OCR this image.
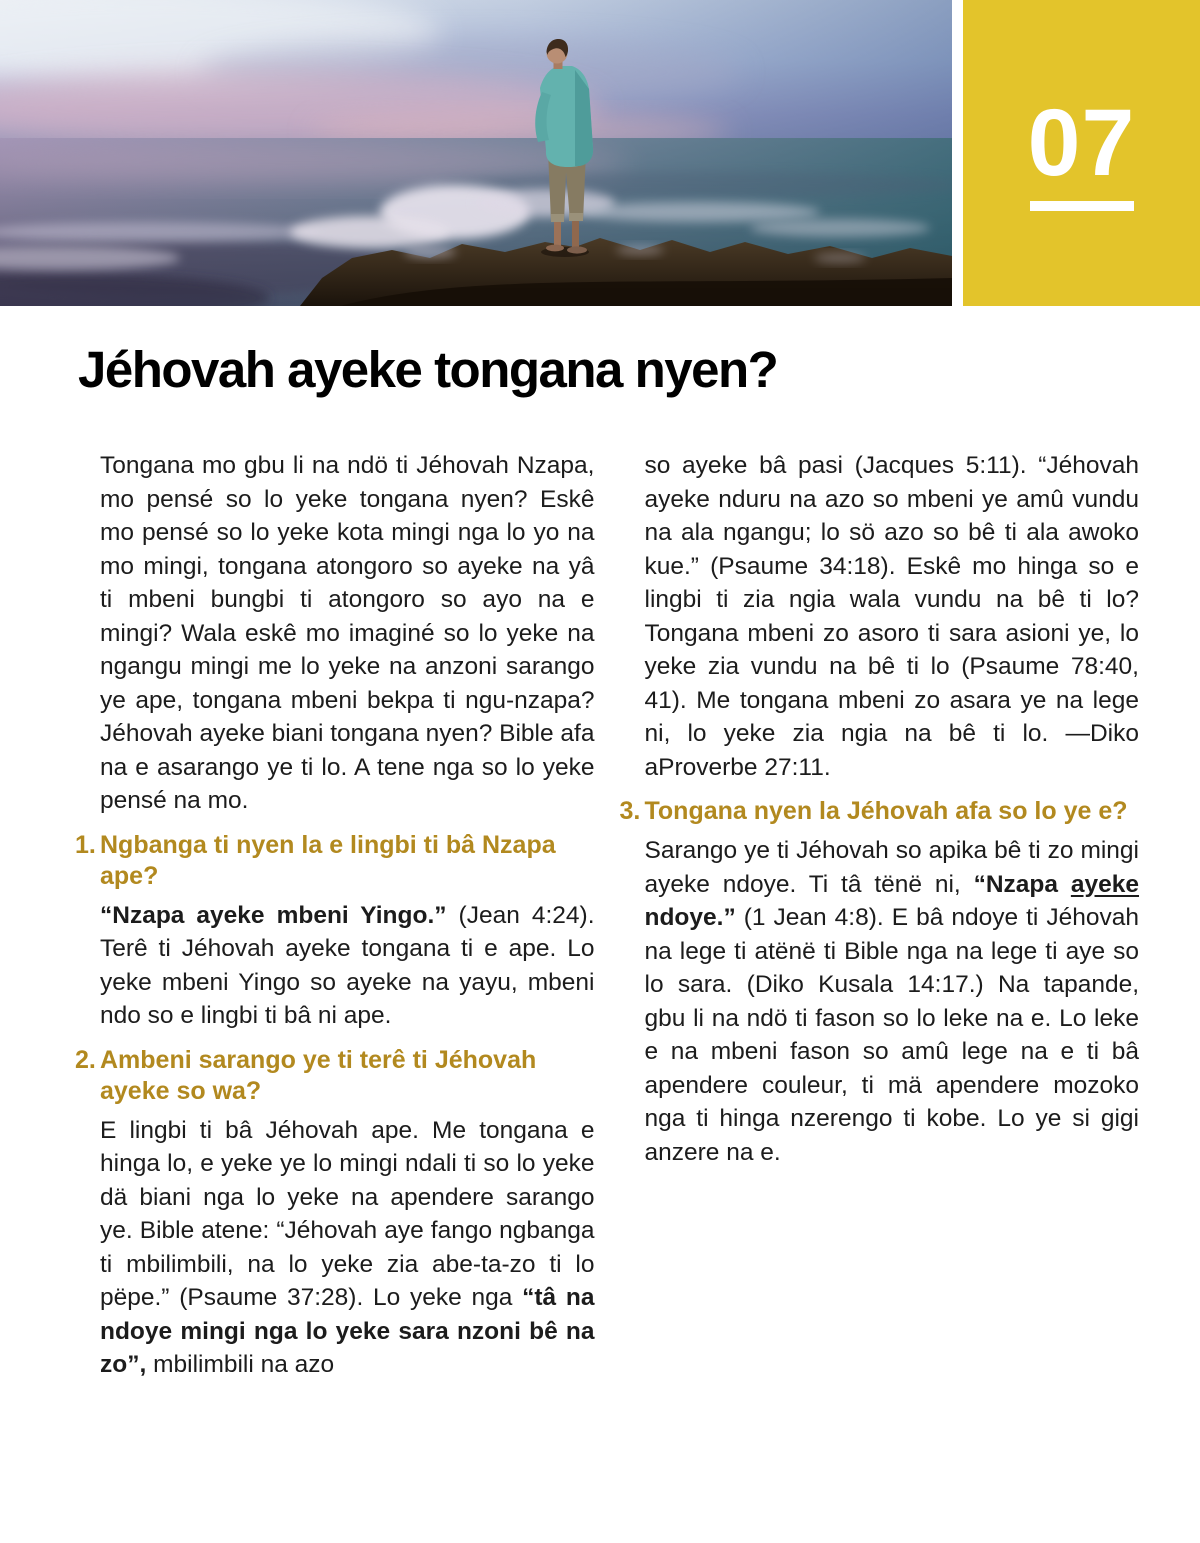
07
Jéhovah ayeke tongana nyen?

Tongana mo gbu li na ndö ti Jéhovah Nzapa, mo pensé so lo yeke tongana nyen? Eskê mo pensé so lo yeke kota mingi nga lo yo na mo mingi, tongana atongoro so ayeke na yâ ti mbeni bungbi ti atongoro so ayo na e mingi? Wala eskê mo imaginé so lo yeke na ngangu mingi me lo yeke na anzoni sarango ye ape, tongana mbeni bekpa ti ngu-nzapa? Jéhovah ayeke biani tongana nyen? Bible afa na e asarango ye ti lo. A tene nga so lo yeke pensé na mo.

1. Ngbanga ti nyen la e lingbi ti bâ Nzapa ape?

“Nzapa ayeke mbeni Yingo.” (Jean 4:24). Terê ti Jéhovah ayeke tongana ti e ape. Lo yeke mbeni Yingo so ayeke na yayu, mbeni ndo so e lingbi ti bâ ni ape.

2. Ambeni sarango ye ti terê ti Jéhovah ayeke so wa?

E lingbi ti bâ Jéhovah ape. Me tongana e hinga lo, e yeke ye lo mingi ndali ti so lo yeke dä biani nga lo yeke na apendere sarango ye. Bible atene: “Jéhovah aye fango ngbanga ti mbilimbili, na lo yeke zia abe-ta-zo ti lo pëpe.” (Psaume 37:28). Lo yeke nga “tâ na ndoye mingi nga lo yeke sara nzoni bê na zo”, mbilimbili na azo

so ayeke bâ pasi (Jacques 5:11). “Jéhovah ayeke nduru na azo so mbeni ye amû vundu na ala ngangu; lo sö azo so bê ti ala awoko kue.” (Psaume 34:18). Eskê mo hinga so e lingbi ti zia ngia wala vundu na bê ti lo? Tongana mbeni zo asoro ti sara asioni ye, lo yeke zia vundu na bê ti lo (Psaume 78:40, 41). Me tongana mbeni zo asara ye na lege ni, lo yeke zia ngia na bê ti lo. —Diko aProverbe 27:11.

3. Tongana nyen la Jéhovah afa so lo ye e?

Sarango ye ti Jéhovah so apika bê ti zo mingi ayeke ndoye. Ti tâ tënë ni, “Nzapa ayeke ndoye.” (1 Jean 4:8). E bâ ndoye ti Jéhovah na lege ti atënë ti Bible nga na lege ti aye so lo sara. (Diko Kusala 14:17.) Na tapande, gbu li na ndö ti fason so lo leke na e. Lo leke e na mbeni fason so amû lege na e ti bâ apendere couleur, ti mä apendere mozoko nga ti hinga nzerengo ti kobe. Lo ye si gigi anzere na e.
